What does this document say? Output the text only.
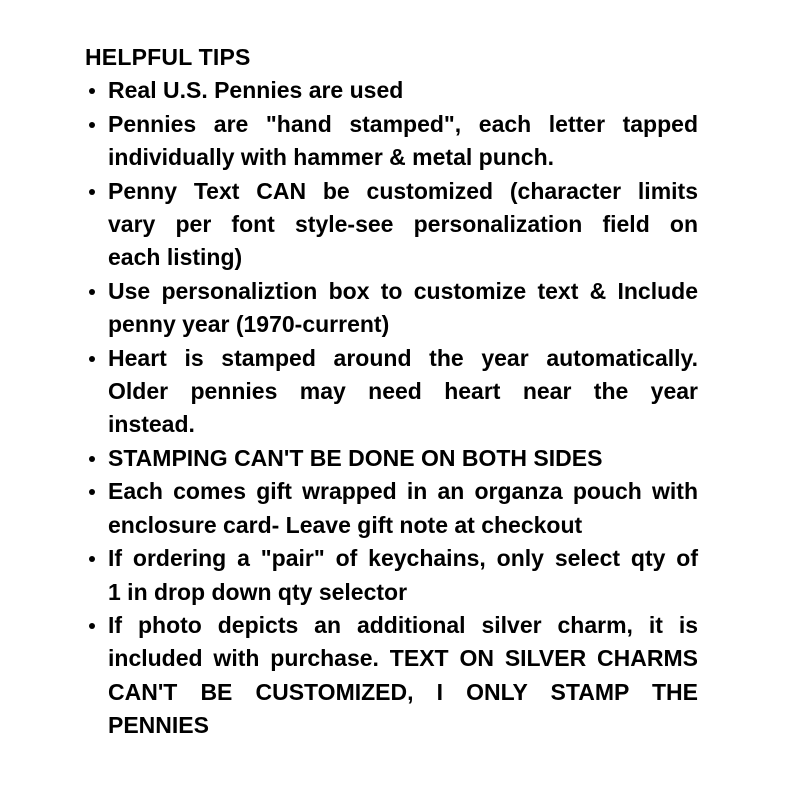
HELPFUL TIPS
Real U.S. Pennies are used
Pennies are "hand stamped", each letter tapped
individually with hammer & metal punch.
Penny Text CAN be customized (character limits
vary per font style-see personalization field on
each listing)
Use personaliztion box to customize text & Include
penny year (1970-current)
Heart is stamped around the year automatically.
Older pennies may need heart near the year
instead.
STAMPING CAN'T BE DONE ON BOTH SIDES
Each comes gift wrapped in an organza pouch with
enclosure card- Leave gift note at checkout
If ordering a "pair" of keychains, only select qty of
1 in drop down qty selector
If photo depicts an additional silver charm, it is
included with purchase. TEXT ON SILVER CHARMS
CAN'T BE CUSTOMIZED, I ONLY STAMP THE
PENNIES
